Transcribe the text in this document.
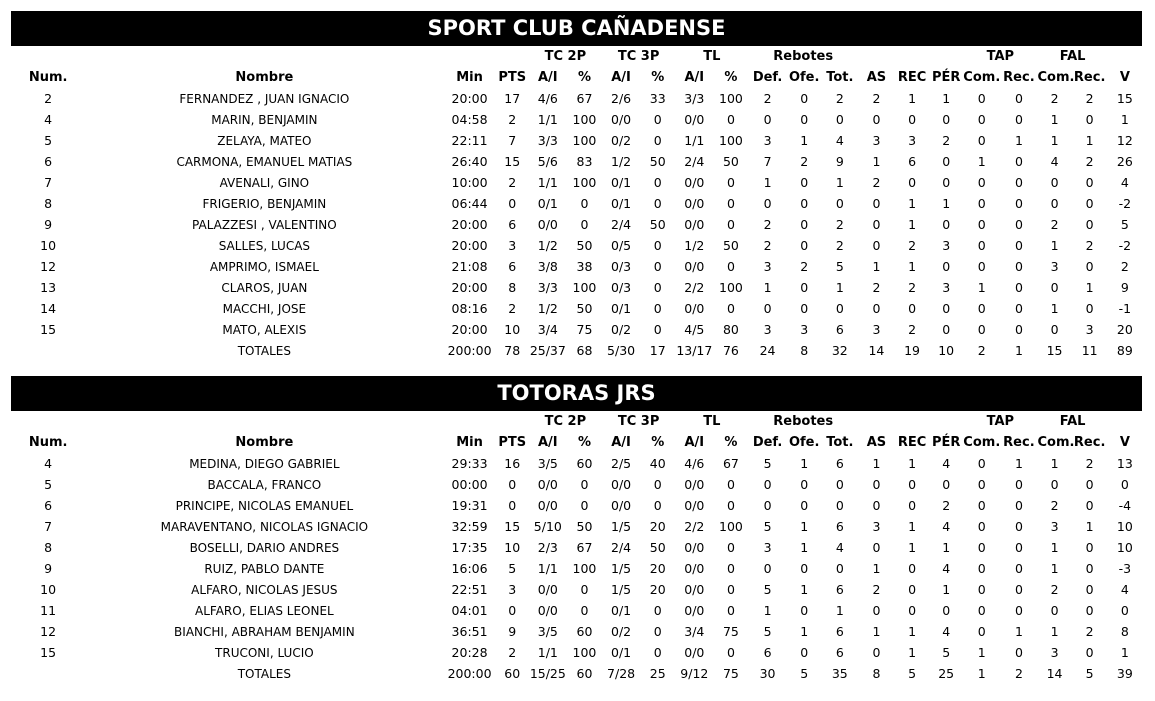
SPORT CLUB CAÑADENSE
				TC 2P		TC 3P		TL		Rebotes						TAP		FAL		
Num.	Nombre	Min	PTS	A/I	%	A/I	%	A/I	%	Def.	Ofe.	Tot.	AS	REC	PÉR	Com.	Rec.	Com.	Rec.	V
2	FERNANDEZ , JUAN IGNACIO	20:00	17	4/6	67	2/6	33	3/3	100	2	0	2	2	1	1	0	0	2	2	15
4	MARIN, BENJAMIN	04:58	2	1/1	100	0/0	0	0/0	0	0	0	0	0	0	0	0	0	1	0	1
5	ZELAYA, MATEO	22:11	7	3/3	100	0/2	0	1/1	100	3	1	4	3	3	2	0	1	1	1	12
6	CARMONA, EMANUEL MATIAS	26:40	15	5/6	83	1/2	50	2/4	50	7	2	9	1	6	0	1	0	4	2	26
7	AVENALI, GINO	10:00	2	1/1	100	0/1	0	0/0	0	1	0	1	2	0	0	0	0	0	0	4
8	FRIGERIO, BENJAMIN	06:44	0	0/1	0	0/1	0	0/0	0	0	0	0	0	1	1	0	0	0	0	-2
9	PALAZZESI , VALENTINO	20:00	6	0/0	0	2/4	50	0/0	0	2	0	2	0	1	0	0	0	2	0	5
10	SALLES, LUCAS	20:00	3	1/2	50	0/5	0	1/2	50	2	0	2	0	2	3	0	0	1	2	-2
12	AMPRIMO, ISMAEL	21:08	6	3/8	38	0/3	0	0/0	0	3	2	5	1	1	0	0	0	3	0	2
13	CLAROS, JUAN	20:00	8	3/3	100	0/3	0	2/2	100	1	0	1	2	2	3	1	0	0	1	9
14	MACCHI, JOSE	08:16	2	1/2	50	0/1	0	0/0	0	0	0	0	0	0	0	0	0	1	0	-1
15	MATO, ALEXIS	20:00	10	3/4	75	0/2	0	4/5	80	3	3	6	3	2	0	0	0	0	3	20
	TOTALES	200:00	78	25/37	68	5/30	17	13/17	76	24	8	32	14	19	10	2	1	15	11	89
TOTORAS JRS
				TC 2P		TC 3P		TL		Rebotes						TAP		FAL		
Num.	Nombre	Min	PTS	A/I	%	A/I	%	A/I	%	Def.	Ofe.	Tot.	AS	REC	PÉR	Com.	Rec.	Com.	Rec.	V
4	MEDINA, DIEGO GABRIEL	29:33	16	3/5	60	2/5	40	4/6	67	5	1	6	1	1	4	0	1	1	2	13
5	BACCALA, FRANCO	00:00	0	0/0	0	0/0	0	0/0	0	0	0	0	0	0	0	0	0	0	0	0
6	PRINCIPE, NICOLAS EMANUEL	19:31	0	0/0	0	0/0	0	0/0	0	0	0	0	0	0	2	0	0	2	0	-4
7	MARAVENTANO, NICOLAS IGNACIO	32:59	15	5/10	50	1/5	20	2/2	100	5	1	6	3	1	4	0	0	3	1	10
8	BOSELLI, DARIO ANDRES	17:35	10	2/3	67	2/4	50	0/0	0	3	1	4	0	1	1	0	0	1	0	10
9	RUIZ, PABLO DANTE	16:06	5	1/1	100	1/5	20	0/0	0	0	0	0	1	0	4	0	0	1	0	-3
10	ALFARO, NICOLAS JESUS	22:51	3	0/0	0	1/5	20	0/0	0	5	1	6	2	0	1	0	0	2	0	4
11	ALFARO, ELIAS LEONEL	04:01	0	0/0	0	0/1	0	0/0	0	1	0	1	0	0	0	0	0	0	0	0
12	BIANCHI, ABRAHAM BENJAMIN	36:51	9	3/5	60	0/2	0	3/4	75	5	1	6	1	1	4	0	1	1	2	8
15	TRUCONI, LUCIO	20:28	2	1/1	100	0/1	0	0/0	0	6	0	6	0	1	5	1	0	3	0	1
	TOTALES	200:00	60	15/25	60	7/28	25	9/12	75	30	5	35	8	5	25	1	2	14	5	39
